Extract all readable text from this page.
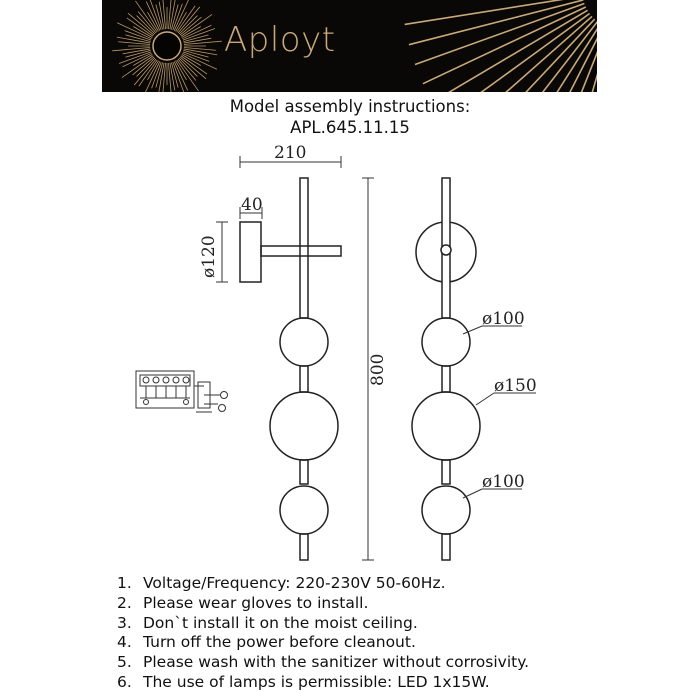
Aployt
Model assembly instructions:
APL.645.11.15
210
40
ø120
800
ø100
ø150
ø100
1. Voltage/Frequency: 220-230V 50-60Hz.
2. Please wear gloves to install.
3. Don`t install it on the moist ceiling.
4. Turn off the power before cleanout.
5. Please wash with the sanitizer without corrosivity.
6. The use of lamps is permissible: LED 1x15W.
